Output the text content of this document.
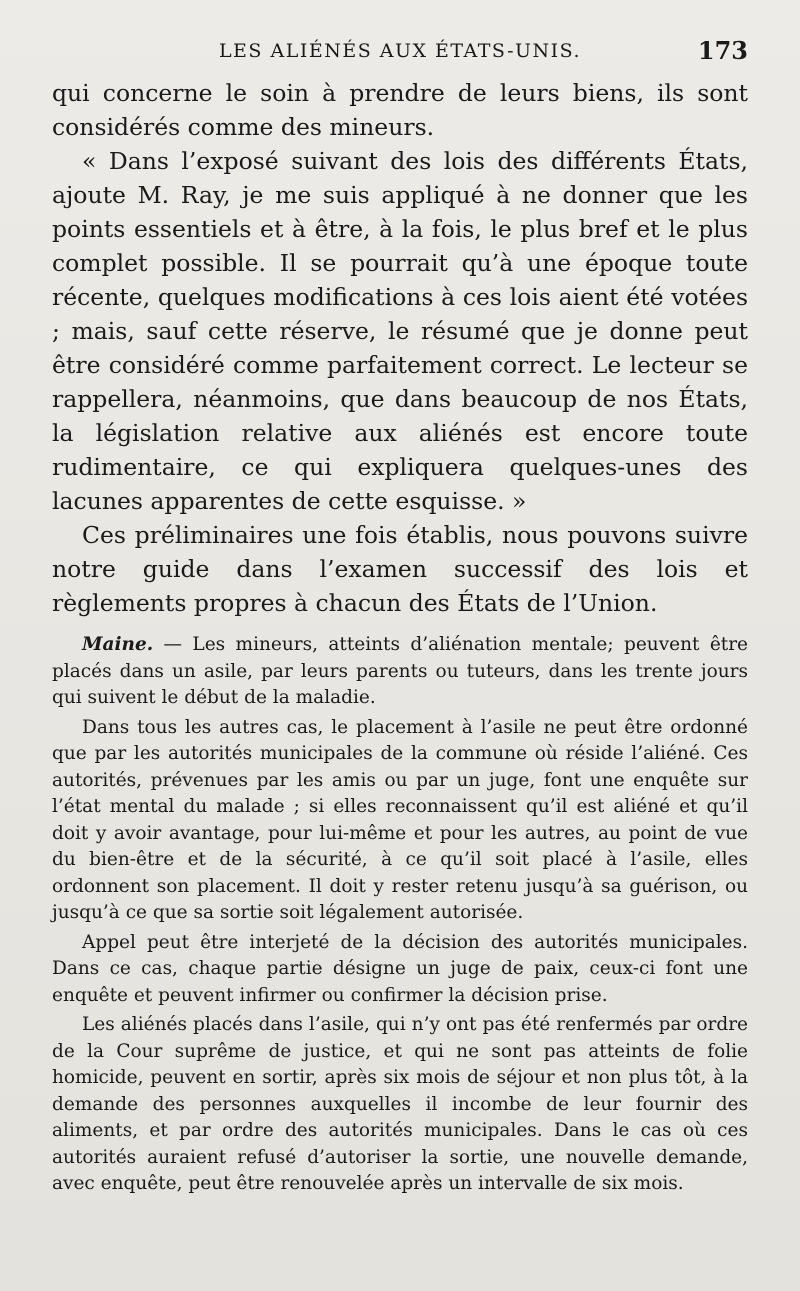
LES ALIÉNÉS AUX ÉTATS-UNIS.	173

qui concerne le soin à prendre de leurs biens, ils sont considérés comme des mineurs.

« Dans l’exposé suivant des lois des différents États, ajoute M. Ray, je me suis appliqué à ne donner que les points essentiels et à être, à la fois, le plus bref et le plus complet possible. Il se pourrait qu’à une époque toute récente, quelques modifications à ces lois aient été votées ; mais, sauf cette réserve, le résumé que je donne peut être considéré comme parfaitement correct. Le lecteur se rappellera, néanmoins, que dans beaucoup de nos États, la législation relative aux aliénés est encore toute rudimentaire, ce qui expliquera quelques-unes des lacunes apparentes de cette esquisse. »

Ces préliminaires une fois établis, nous pouvons suivre notre guide dans l’examen successif des lois et règlements propres à chacun des États de l’Union.

Maine. — Les mineurs, atteints d’aliénation mentale; peuvent être placés dans un asile, par leurs parents ou tuteurs, dans les trente jours qui suivent le début de la maladie.

Dans tous les autres cas, le placement à l’asile ne peut être ordonné que par les autorités municipales de la commune où réside l’aliéné. Ces autorités, prévenues par les amis ou par un juge, font une enquête sur l’état mental du malade ; si elles reconnaissent qu’il est aliéné et qu’il doit y avoir avantage, pour lui-même et pour les autres, au point de vue du bien-être et de la sécurité, à ce qu’il soit placé à l’asile, elles ordonnent son placement. Il doit y rester retenu jusqu’à sa guérison, ou jusqu’à ce que sa sortie soit légalement autorisée.

Appel peut être interjeté de la décision des autorités municipales. Dans ce cas, chaque partie désigne un juge de paix, ceux-ci font une enquête et peuvent infirmer ou confirmer la décision prise.

Les aliénés placés dans l’asile, qui n’y ont pas été renfermés par ordre de la Cour suprême de justice, et qui ne sont pas atteints de folie homicide, peuvent en sortir, après six mois de séjour et non plus tôt, à la demande des personnes auxquelles il incombe de leur fournir des aliments, et par ordre des autorités municipales. Dans le cas où ces autorités auraient refusé d’autoriser la sortie, une nouvelle demande, avec enquête, peut être renouvelée après un intervalle de six mois.
